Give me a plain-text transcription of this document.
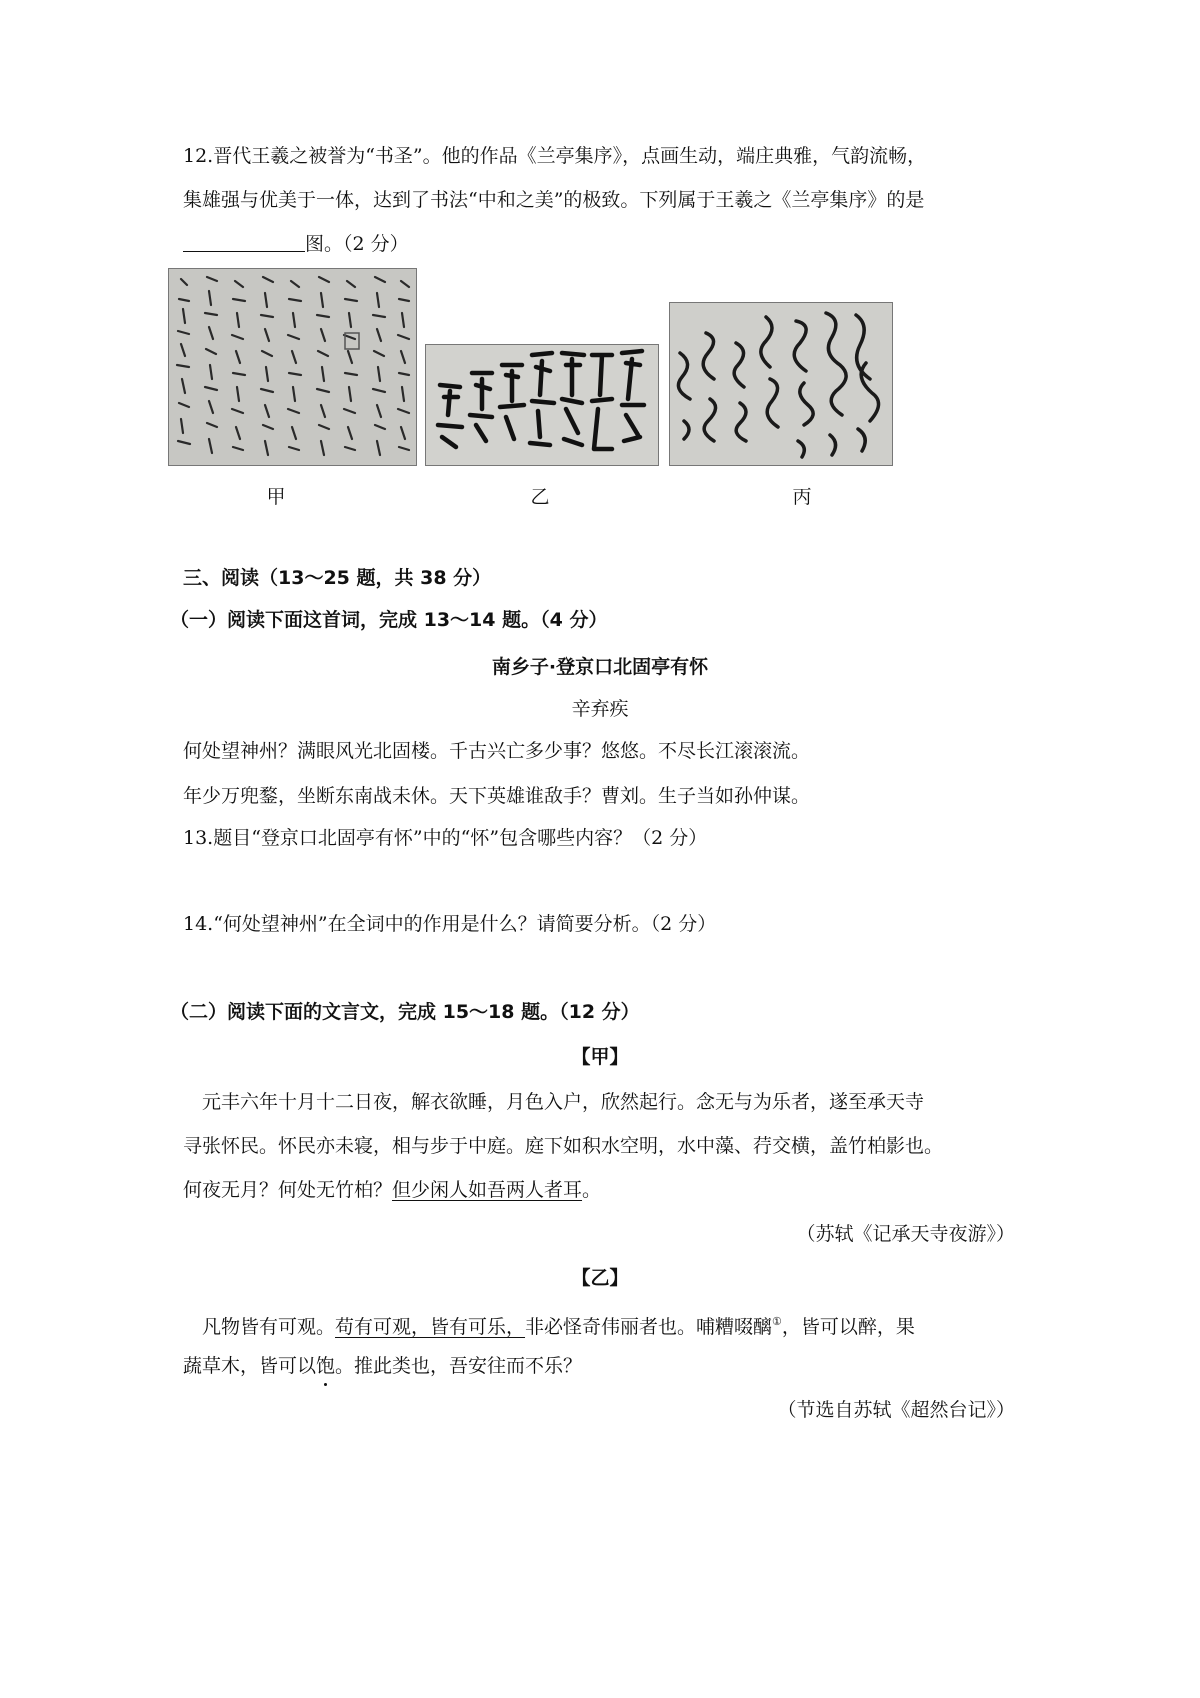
12.晋代王羲之被誉为“书圣”。他的作品《兰亭集序》，点画生动，端庄典雅，气韵流畅，
集雄强与优美于一体，达到了书法“中和之美”的极致。下列属于王羲之《兰亭集序》的是
图。（2 分）
甲	乙	丙
三、阅读（13～25 题，共 38 分）
（一）阅读下面这首词，完成 13～14 题。（4 分）
南乡子·登京口北固亭有怀
辛弃疾
何处望神州？满眼风光北固楼。千古兴亡多少事？悠悠。不尽长江滚滚流。
年少万兜鍪，坐断东南战未休。天下英雄谁敌手？曹刘。生子当如孙仲谋。
13.题目“登京口北固亭有怀”中的“怀”包含哪些内容？（2 分）
14.“何处望神州”在全词中的作用是什么？请简要分析。（2 分）
（二）阅读下面的文言文，完成 15～18 题。（12 分）
【甲】
元丰六年十月十二日夜，解衣欲睡，月色入户，欣然起行。念无与为乐者，遂至承天寺
寻张怀民。怀民亦未寝，相与步于中庭。庭下如积水空明，水中藻、荇交横，盖竹柏影也。
何夜无月？何处无竹柏？但少闲人如吾两人者耳。
（苏轼《记承天寺夜游》）
【乙】
凡物皆有可观。苟有可观，皆有可乐，非必怪奇伟丽者也。哺糟啜醨①，皆可以醉，果
蔬草木，皆可以饱。推此类也，吾安往而不乐？
（节选自苏轼《超然台记》）
